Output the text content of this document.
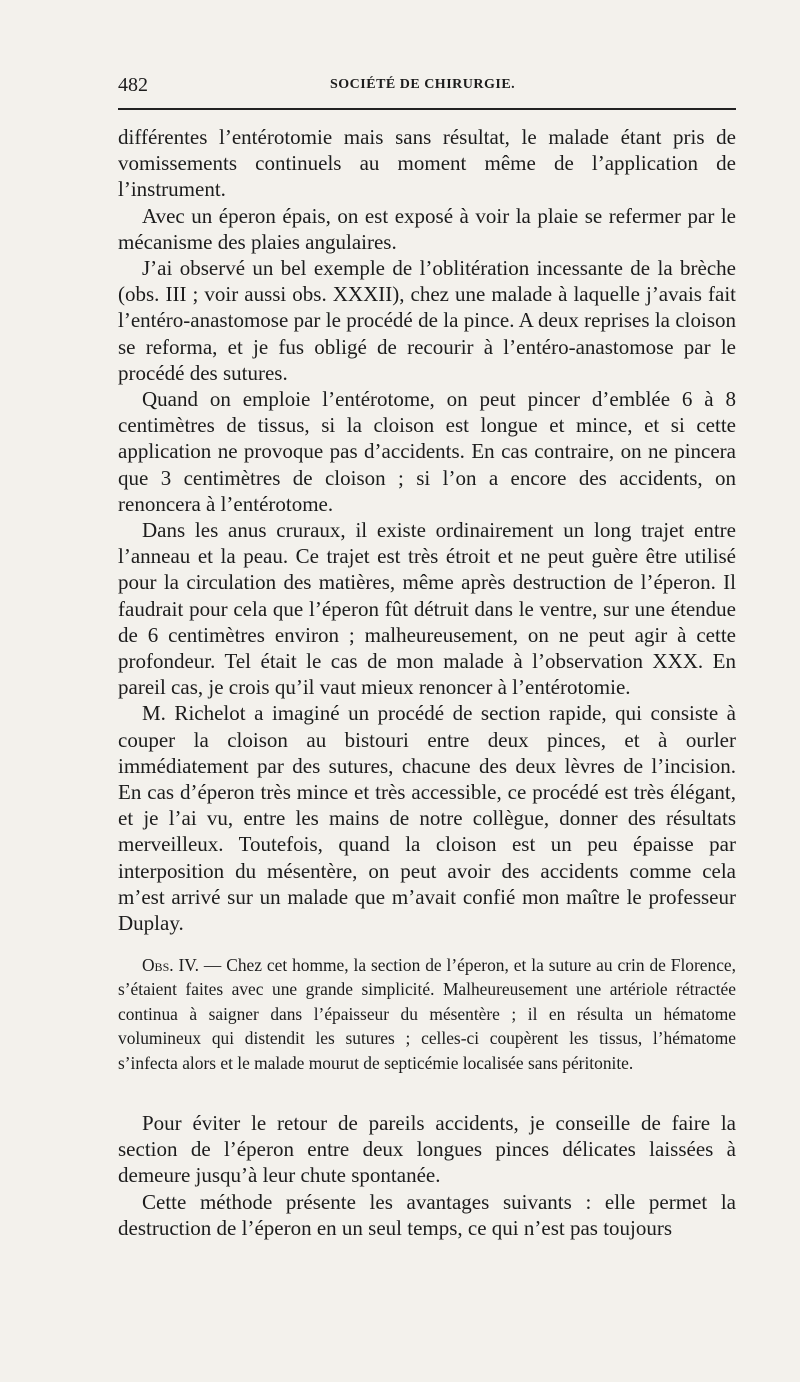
482	SOCIÉTÉ DE CHIRURGIE.

différentes l’entérotomie mais sans résultat, le malade étant pris de vomissements continuels au moment même de l’application de l’instrument.

Avec un éperon épais, on est exposé à voir la plaie se refermer par le mécanisme des plaies angulaires.

J’ai observé un bel exemple de l’oblitération incessante de la brèche (obs. III ; voir aussi obs. XXXII), chez une malade à laquelle j’avais fait l’entéro-anastomose par le procédé de la pince. A deux reprises la cloison se reforma, et je fus obligé de recourir à l’entéro-anastomose par le procédé des sutures.

Quand on emploie l’entérotome, on peut pincer d’emblée 6 à 8 centimètres de tissus, si la cloison est longue et mince, et si cette application ne provoque pas d’accidents. En cas contraire, on ne pincera que 3 centimètres de cloison ; si l’on a encore des accidents, on renoncera à l’entérotome.

Dans les anus cruraux, il existe ordinairement un long trajet entre l’anneau et la peau. Ce trajet est très étroit et ne peut guère être utilisé pour la circulation des matières, même après destruction de l’éperon. Il faudrait pour cela que l’éperon fût détruit dans le ventre, sur une étendue de 6 centimètres environ ; malheureusement, on ne peut agir à cette profondeur. Tel était le cas de mon malade à l’observation XXX. En pareil cas, je crois qu’il vaut mieux renoncer à l’entérotomie.

M. Richelot a imaginé un procédé de section rapide, qui consiste à couper la cloison au bistouri entre deux pinces, et à ourler immédiatement par des sutures, chacune des deux lèvres de l’incision. En cas d’éperon très mince et très accessible, ce procédé est très élégant, et je l’ai vu, entre les mains de notre collègue, donner des résultats merveilleux. Toutefois, quand la cloison est un peu épaisse par interposition du mésentère, on peut avoir des accidents comme cela m’est arrivé sur un malade que m’avait confié mon maître le professeur Duplay.

Obs. IV. — Chez cet homme, la section de l’éperon, et la suture au crin de Florence, s’étaient faites avec une grande simplicité. Malheureusement une artériole rétractée continua à saigner dans l’épaisseur du mésentère ; il en résulta un hématome volumineux qui distendit les sutures ; celles-ci coupèrent les tissus, l’hématome s’infecta alors et le malade mourut de septicémie localisée sans péritonite.

Pour éviter le retour de pareils accidents, je conseille de faire la section de l’éperon entre deux longues pinces délicates laissées à demeure jusqu’à leur chute spontanée.

Cette méthode présente les avantages suivants : elle permet la destruction de l’éperon en un seul temps, ce qui n’est pas toujours
